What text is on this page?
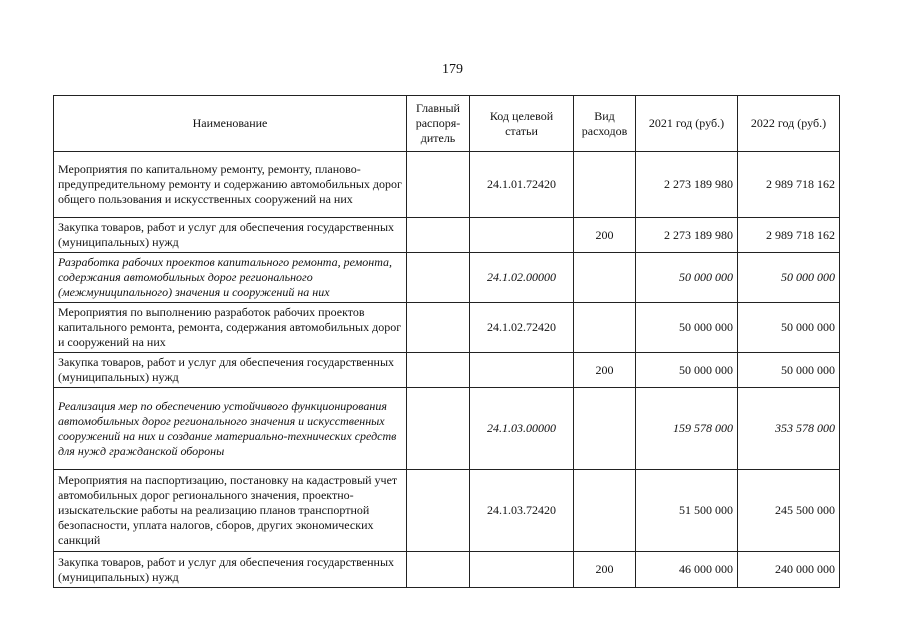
179
Наименование	Главный распоря-дитель	Код целевой статьи	Вид расходов	2021 год (руб.)	2022 год (руб.)
Мероприятия по капитальному ремонту, ремонту, планово-предупредительному ремонту и содержанию автомобильных дорог общего пользования и искусственных сооружений на них		24.1.01.72420		2 273 189 980	2 989 718 162
Закупка товаров, работ и услуг для обеспечения государственных (муниципальных) нужд			200	2 273 189 980	2 989 718 162
Разработка рабочих проектов капитального ремонта, ремонта, содержания автомобильных дорог регионального (межмуниципального) значения и сооружений на них		24.1.02.00000		50 000 000	50 000 000
Мероприятия по выполнению разработок рабочих проектов капитального ремонта, ремонта, содержания автомобильных дорог и сооружений на них		24.1.02.72420		50 000 000	50 000 000
Закупка товаров, работ и услуг для обеспечения государственных (муниципальных) нужд			200	50 000 000	50 000 000
Реализация мер по обеспечению устойчивого функционирования автомобильных дорог регионального значения и искусственных сооружений на них и создание материально-технических средств для нужд гражданской обороны		24.1.03.00000		159 578 000	353 578 000
Мероприятия на паспортизацию, постановку на кадастровый учет автомобильных дорог регионального значения, проектно-изыскательские работы на реализацию планов транспортной безопасности, уплата налогов, сборов, других экономических санкций		24.1.03.72420		51 500 000	245 500 000
Закупка товаров, работ и услуг для обеспечения государственных (муниципальных) нужд			200	46 000 000	240 000 000
